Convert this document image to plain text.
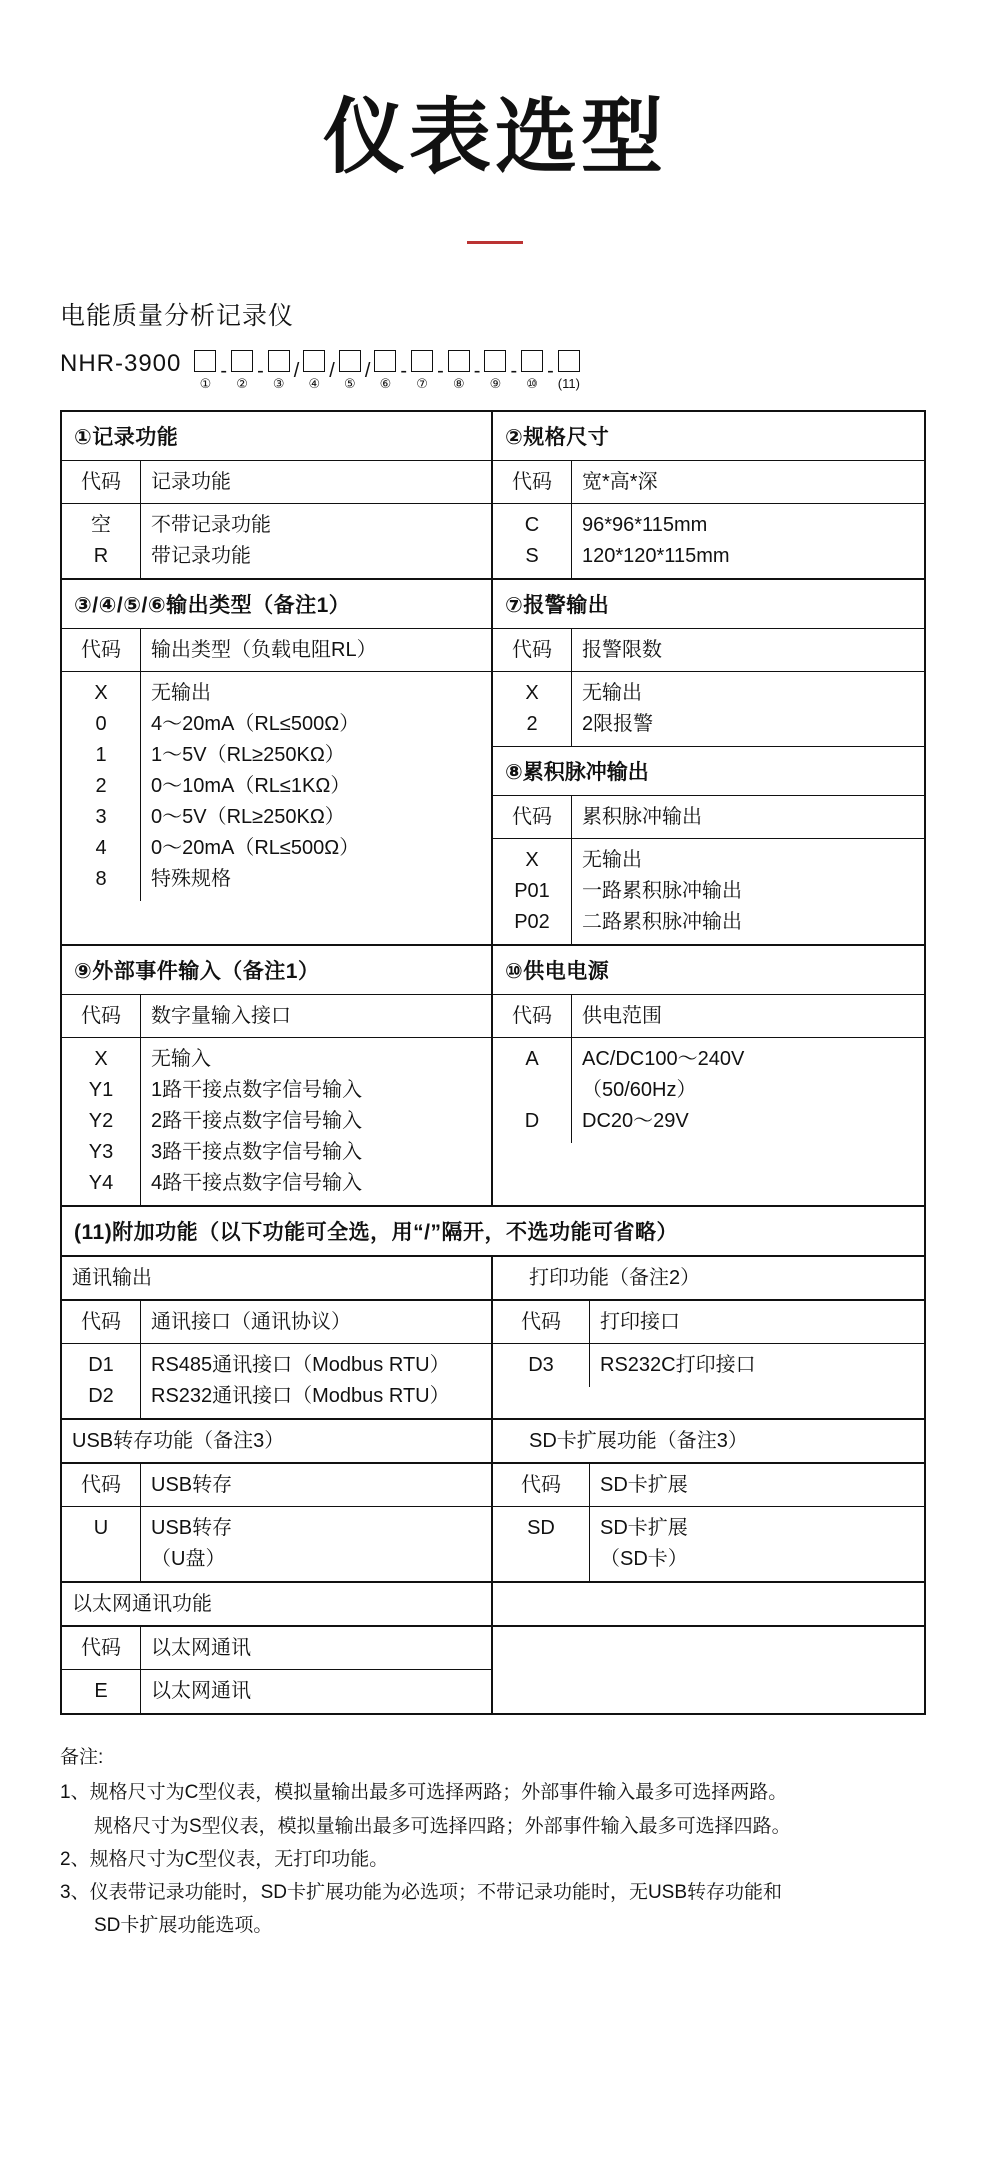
仪表选型
电能质量分析记录仪
NHR-3900
①
-
②
-
③
/
④
/
⑤
/
⑥
-
⑦
-
⑧
-
⑨
-
⑩
-
(11)
①记录功能
代码
空
R
记录功能
不带记录功能
带记录功能
②规格尺寸
代码
C
S
宽*高*深
96*96*115mm
120*120*115mm
③/④/⑤/⑥输出类型（备注1）
代码
X
0
1
2
3
4
8
输出类型（负载电阻RL）
无输出
4～20mA（RL≤500Ω）
1～5V（RL≥250KΩ）
0～10mA（RL≤1KΩ）
0～5V（RL≥250KΩ）
0～20mA（RL≤500Ω）
特殊规格
⑦报警输出
代码
X
2
报警限数
无输出
2限报警
⑧累积脉冲输出
代码
X
P01
P02
累积脉冲输出
无输出
一路累积脉冲输出
二路累积脉冲输出
⑨外部事件输入（备注1）
代码
X
Y1
Y2
Y3
Y4
数字量输入接口
无输入
1路干接点数字信号输入
2路干接点数字信号输入
3路干接点数字信号输入
4路干接点数字信号输入
⑩供电电源
代码
A

D
供电范围
AC/DC100～240V
（50/60Hz）
DC20～29V
(11)附加功能（以下功能可全选，用“/”隔开，不选功能可省略）
通讯输出	打印功能（备注2）
代码
D1
D2
通讯接口（通讯协议）
RS485通讯接口（Modbus RTU）
RS232通讯接口（Modbus RTU）
代码
D3
打印接口
RS232C打印接口
USB转存功能（备注3）	SD卡扩展功能（备注3）
代码
U
USB转存
USB转存
（U盘）
代码
SD
SD卡扩展
SD卡扩展
（SD卡）
以太网通讯功能

代码
E
以太网通讯
以太网通讯

备注:
1、规格尺寸为C型仪表，模拟量输出最多可选择两路；外部事件输入最多可选择两路。
规格尺寸为S型仪表，模拟量输出最多可选择四路；外部事件输入最多可选择四路。
2、规格尺寸为C型仪表，无打印功能。
3、仪表带记录功能时，SD卡扩展功能为必选项；不带记录功能时，无USB转存功能和
SD卡扩展功能选项。
